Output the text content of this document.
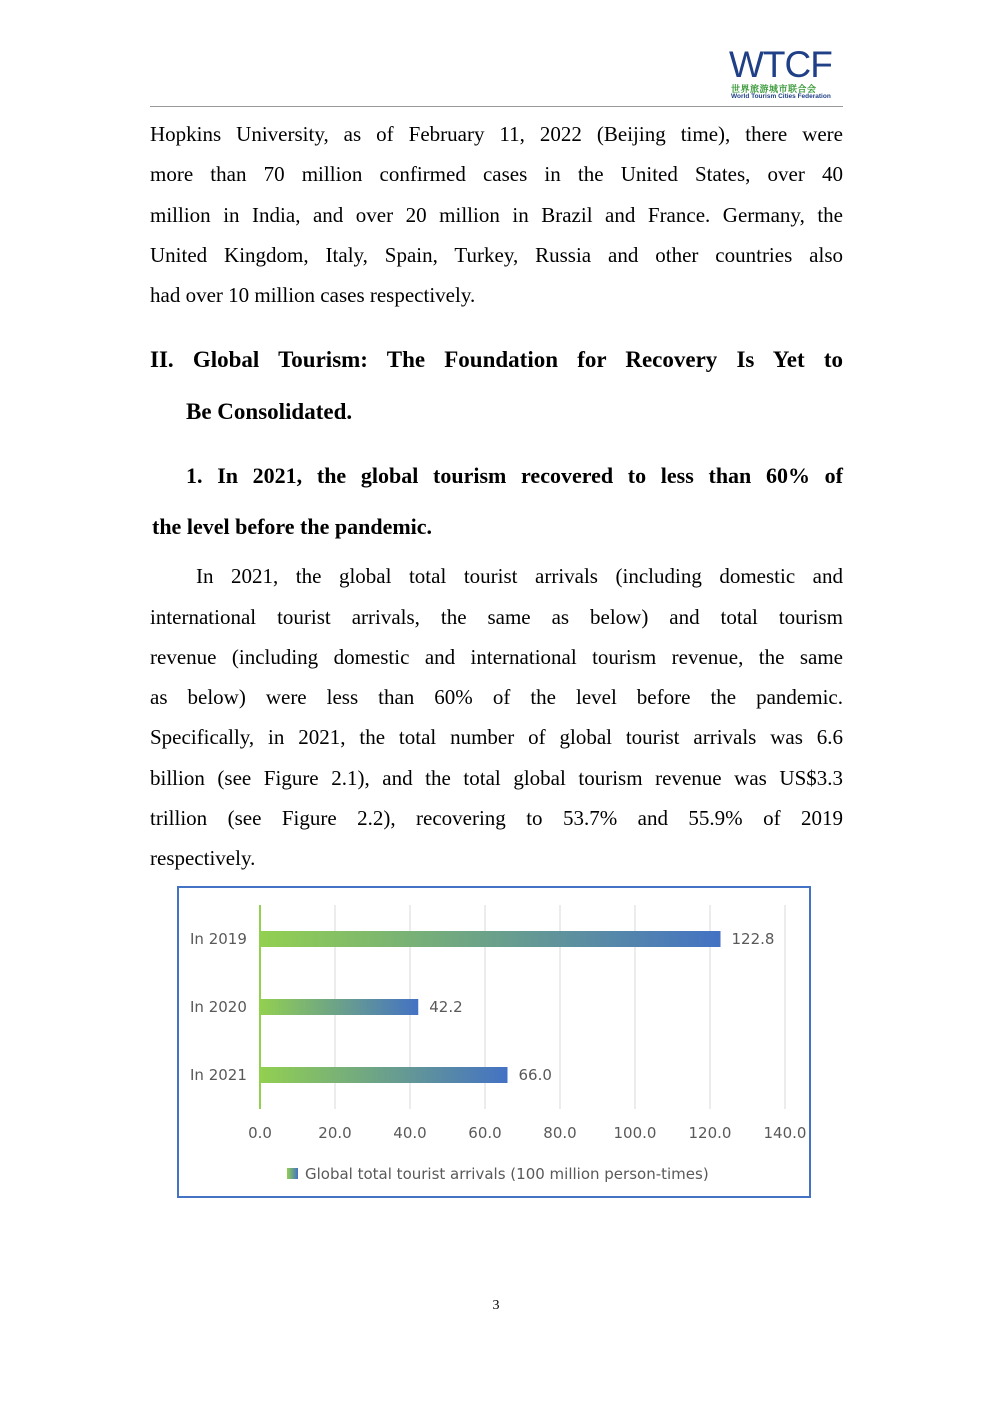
WTCF
世界旅游城市联合会
World Tourism Cities Federation
Hopkins University, as of February 11, 2022 (Beijing time), there were
more than 70 million confirmed cases in the United States, over 40
million in India, and over 20 million in Brazil and France. Germany, the
United Kingdom, Italy, Spain, Turkey, Russia and other countries also
had over 10 million cases respectively.
II. Global Tourism: The Foundation for Recovery Is Yet to
Be Consolidated.
1. In 2021, the global tourism recovered to less than 60% of
the level before the pandemic.
In 2021, the global total tourist arrivals (including domestic and
international tourist arrivals, the same as below) and total tourism
revenue (including domestic and international tourism revenue, the same
as below) were less than 60% of the level before the pandemic.
Specifically, in 2021, the total number of global tourist arrivals was 6.6
billion (see Figure 2.1), and the total global tourism revenue was US$3.3
trillion (see Figure 2.2), recovering to 53.7% and 55.9% of 2019
respectively.
0.0	20.0	40.0	60.0	80.0 100.0 120.0 140.0
In 2019	122.8
In 2020	42.2
In 2021	66.0
Global total tourist arrivals (100 million person-times)
3
